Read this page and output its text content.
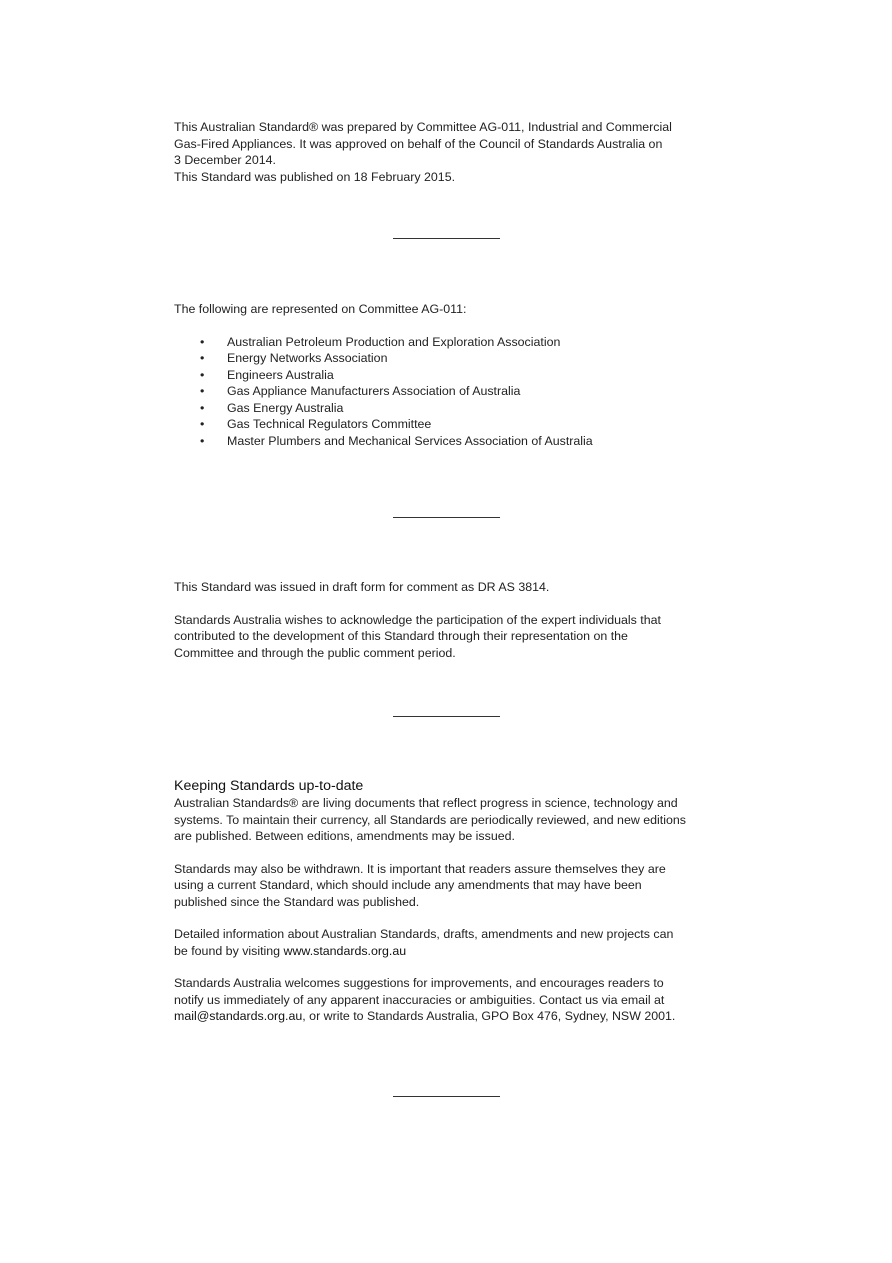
This Australian Standard® was prepared by Committee AG-011, Industrial and Commercial

Gas-Fired Appliances. It was approved on behalf of the Council of Standards Australia on

3 December 2014.

This Standard was published on 18 February 2015.

The following are represented on Committee AG-011:

• Australian Petroleum Production and Exploration Association
• Energy Networks Association
• Engineers Australia
• Gas Appliance Manufacturers Association of Australia
• Gas Energy Australia
• Gas Technical Regulators Committee
• Master Plumbers and Mechanical Services Association of Australia

This Standard was issued in draft form for comment as DR AS 3814.

Standards Australia wishes to acknowledge the participation of the expert individuals that

contributed to the development of this Standard through their representation on the

Committee and through the public comment period.

Keeping Standards up-to-date

Australian Standards® are living documents that reflect progress in science, technology and

systems. To maintain their currency, all Standards are periodically reviewed, and new editions

are published. Between editions, amendments may be issued.

Standards may also be withdrawn. It is important that readers assure themselves they are

using a current Standard, which should include any amendments that may have been

published since the Standard was published.

Detailed information about Australian Standards, drafts, amendments and new projects can

be found by visiting www.standards.org.au

Standards Australia welcomes suggestions for improvements, and encourages readers to

notify us immediately of any apparent inaccuracies or ambiguities. Contact us via email at

mail@standards.org.au, or write to Standards Australia, GPO Box 476, Sydney, NSW 2001.
